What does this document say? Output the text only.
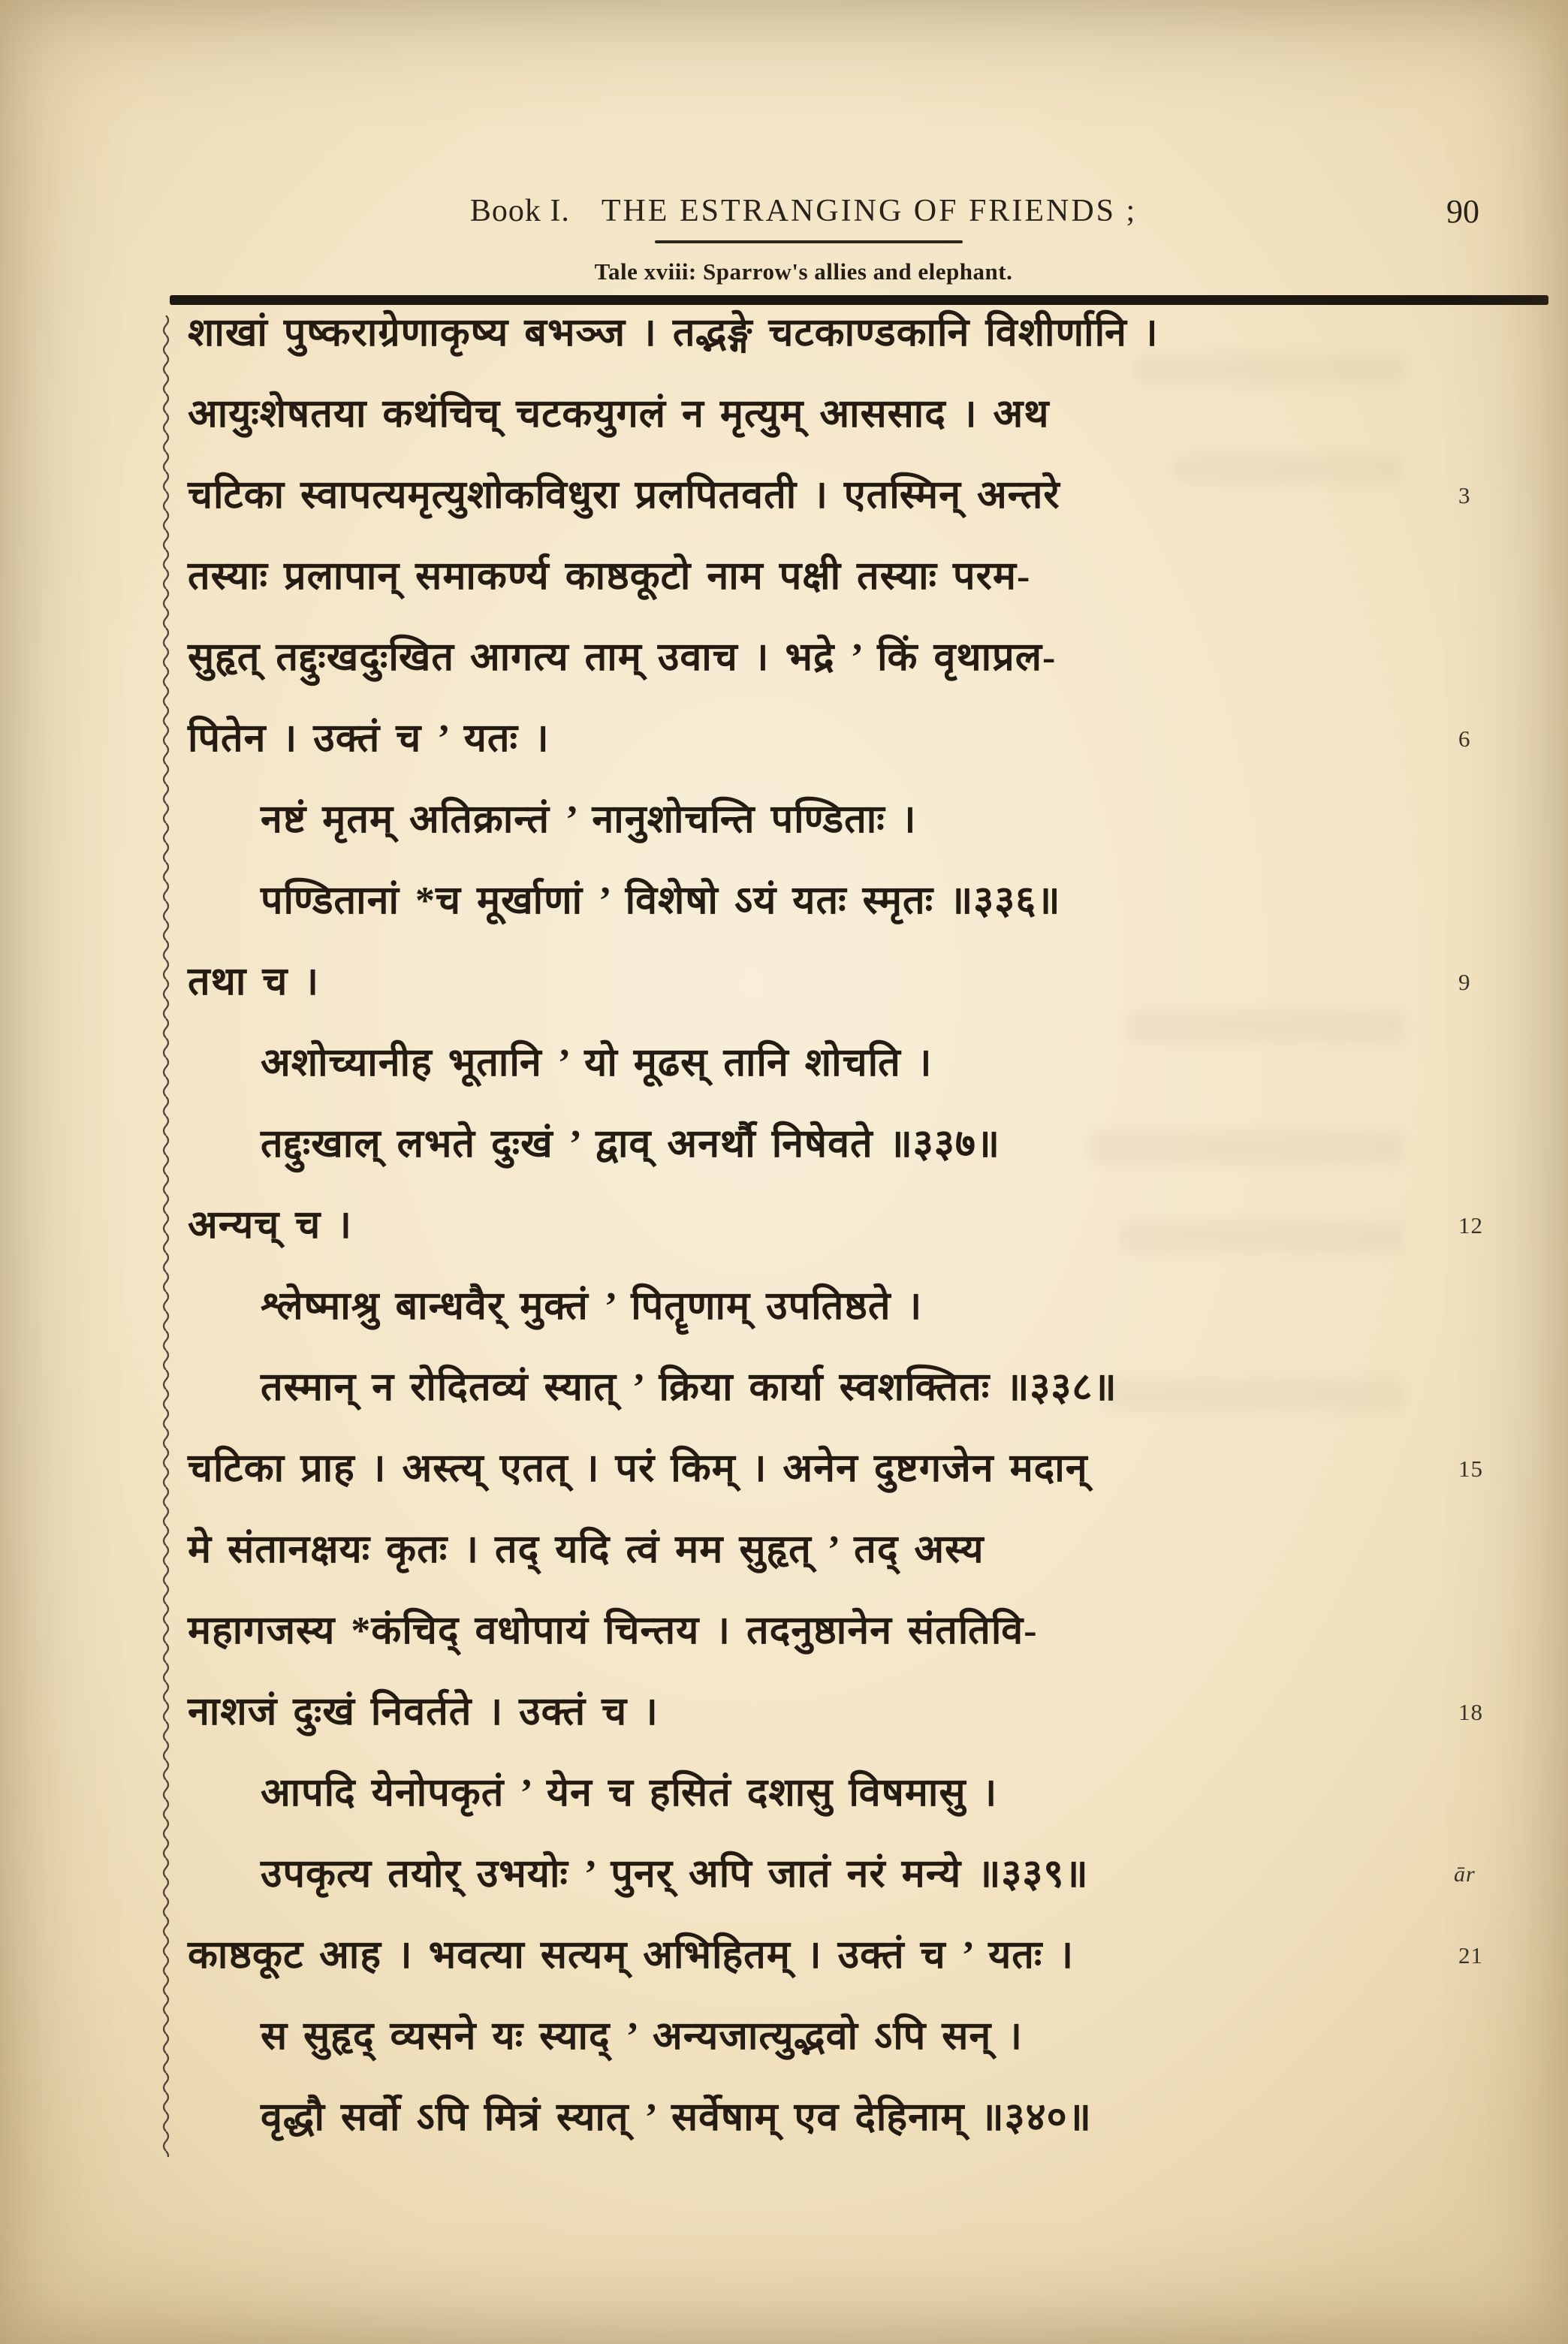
Book I. THE ESTRANGING OF FRIENDS ;	90
Tale xviii: Sparrow's allies and elephant.
शाखां पुष्कराग्रेणाकृष्य बभञ्ज । तद्भङ्गे चटकाण्डकानि विशीर्णानि ।
आयुःशेषतया कथंचिच् चटकयुगलं न मृत्युम् आससाद । अथ
चटिका स्वापत्यमृत्युशोकविधुरा प्रलपितवती । एतस्मिन् अन्तरे	3
तस्याः प्रलापान् समाकर्ण्य काष्ठकूटो नाम पक्षी तस्याः परम-
सुहृत् तद्दुःखदुःखित आगत्य ताम् उवाच । भद्रे ’ किं वृथाप्रल-
पितेन । उक्तं च ’ यतः ।	6
नष्टं मृतम् अतिक्रान्तं ’ नानुशोचन्ति पण्डिताः ।
पण्डितानां *च मूर्खाणां ’ विशेषो ऽयं यतः स्मृतः ॥३३६॥
तथा च ।	9
अशोच्यानीह भूतानि ’ यो मूढस् तानि शोचति ।
तद्दुःखाल् लभते दुःखं ’ द्वाव् अनर्थौ निषेवते ॥३३७॥
अन्यच् च ।	12
श्लेष्माश्रु बान्धवैर् मुक्तं ’ पितॄणाम् उपतिष्ठते ।
तस्मान् न रोदितव्यं स्यात् ’ क्रिया कार्या स्वशक्तितः ॥३३८॥
चटिका प्राह । अस्त्य् एतत् । परं किम् । अनेन दुष्टगजेन मदान्	15
मे संतानक्षयः कृतः । तद् यदि त्वं मम सुहृत् ’ तद् अस्य
महागजस्य *कंचिद् वधोपायं चिन्तय । तदनुष्ठानेन संततिवि-
नाशजं दुःखं निवर्तते । उक्तं च ।	18
आपदि येनोपकृतं ’ येन च हसितं दशासु विषमासु ।
उपकृत्य तयोर् उभयोः ’ पुनर् अपि जातं नरं मन्ये ॥३३९॥	ār
काष्ठकूट आह । भवत्या सत्यम् अभिहितम् । उक्तं च ’ यतः ।	21
स सुहृद् व्यसने यः स्याद् ’ अन्यजात्युद्भवो ऽपि सन् ।
वृद्धौ सर्वो ऽपि मित्रं स्यात् ’ सर्वेषाम् एव देहिनाम् ॥३४०॥
